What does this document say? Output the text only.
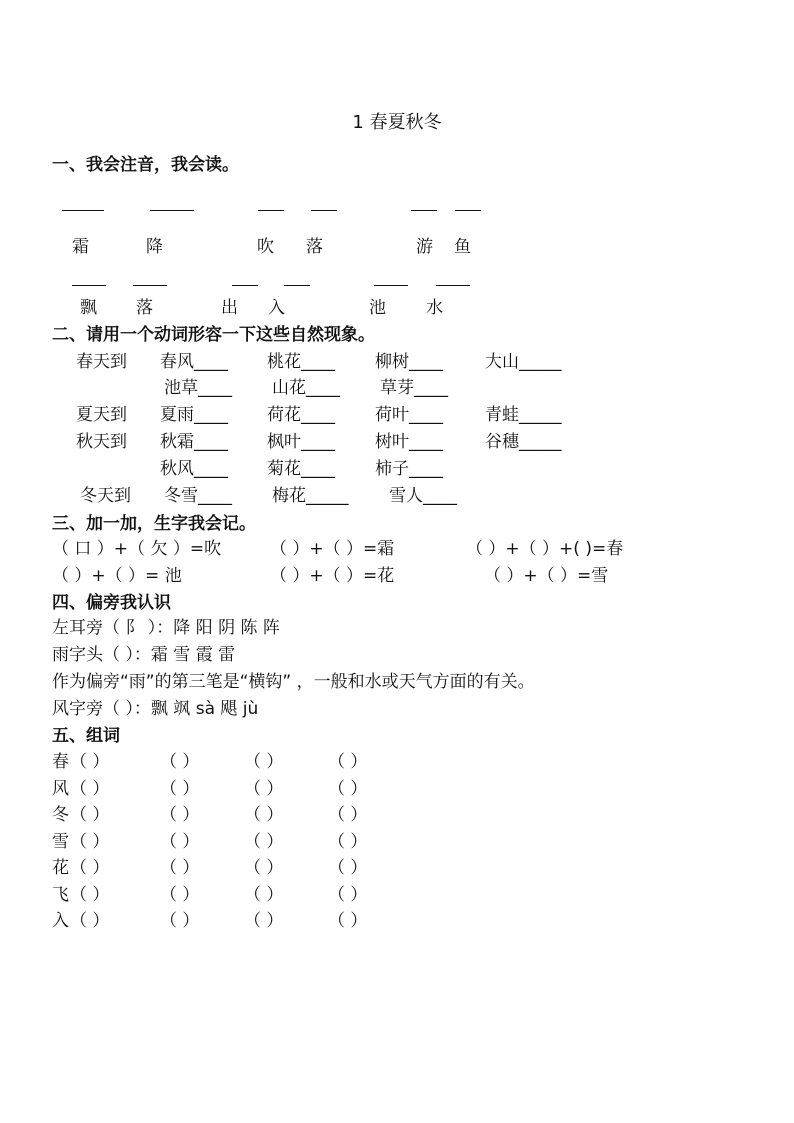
1 春夏秋冬
一、我会注音，我会读。
霜	降	吹 落	游 鱼
飘 落	出 入	池 水
二、请用一个动词形容一下这些自然现象。
春天到 春风____ 桃花____ 柳树____ 大山_____
池草____ 山花____ 草芽____
夏天到 夏雨____ 荷花____ 荷叶____ 青蛙_____
秋天到 秋霜____ 枫叶____ 树叶____ 谷穗_____
秋风____ 菊花____ 柿子____
冬天到 冬雪____ 梅花_____ 雪人____
三、加一加，生字我会记。
（ 口 ）+（ 欠 ）=吹	（ ）+（ ）=霜	（ ）+（ ）+( )=春
（ ）+（ ）= 池	（ ）+（ ）=花	（ ）+（ ）=雪
四、偏旁我认识
左耳旁（ 阝 ）：降 阳 阴 陈 阵
雨字头（ ）：霜 雪 霞 雷
作为偏旁“雨”的第三笔是“横钩” ，一般和水或天气方面的有关。
风字旁（ ）：飘 飒 sà 飓 jù
五、组词
春 （ ）	（ ）	（ ）	（ ）
风 （ ）	（ ）	（ ）	（ ）
冬 （ ）	（ ）	（ ）	（ ）
雪 （ ）	（ ）	（ ）	（ ）
花 （ ）	（ ）	（ ）	（ ）
飞 （ ）	（ ）	（ ）	（ ）
入 （ ）	（ ）	（ ）	（ ）
